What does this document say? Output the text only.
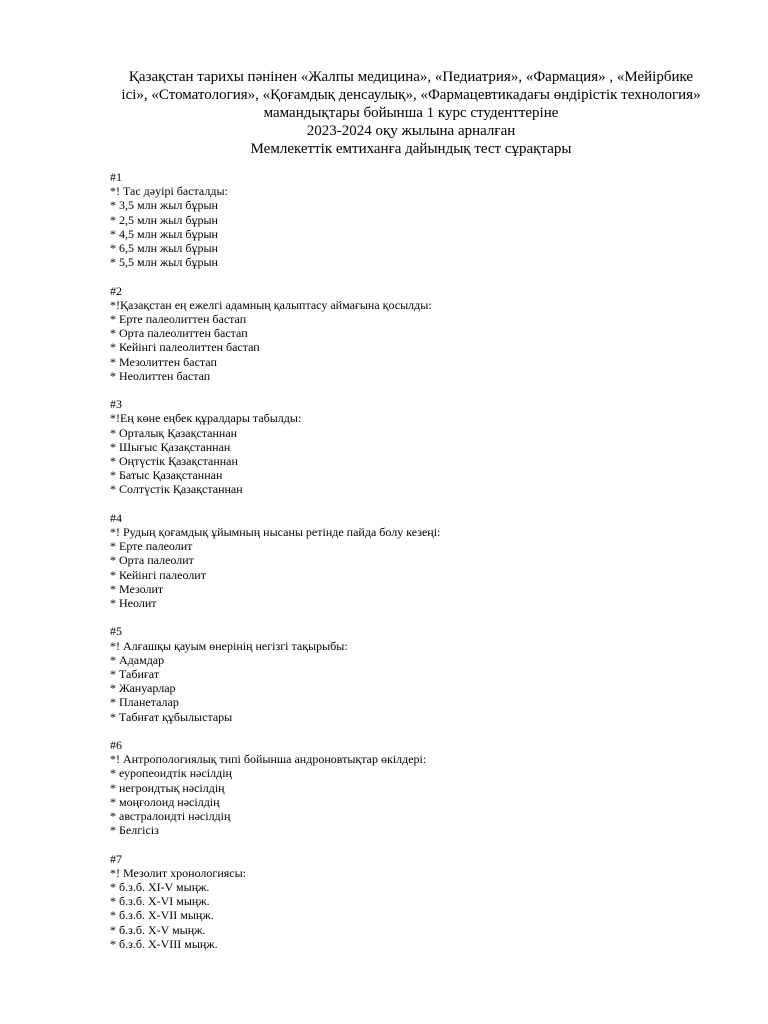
Қазақстан тарихы пәнінен «Жалпы медицина», «Педиатрия», «Фармация» , «Мейірбике
ісі», «Стоматология», «Қоғамдық денсаулық», «Фармацевтикадағы өндірістік технология»
мамандықтары бойынша 1 курс студенттеріне
2023-2024 оқу жылына арналған
Мемлекеттік емтиханға дайындық тест сұрақтары
#1
*! Тас дәуірі басталды:
* 3,5 млн жыл бұрын
* 2,5 млн жыл бұрын
* 4,5 млн жыл бұрын
* 6,5 млн жыл бұрын
* 5,5 млн жыл бұрын
#2
*!Қазақстан ең ежелгі адамның қалыптасу аймағына қосылды:
* Ерте палеолиттен бастап
* Орта палеолиттен бастап
* Кейінгі палеолиттен бастап
* Мезолиттен бастап
* Неолиттен бастап
#3
*!Ең көне еңбек құралдары табылды:
* Орталық Қазақстаннан
* Шығыс Қазақстаннан
* Оңтүстік Қазақстаннан
* Батыс Қазақстаннан
* Солтүстік Қазақстаннан
#4
*! Рудың қоғамдық ұйымның нысаны ретінде пайда болу кезеңі:
* Ерте палеолит
* Орта палеолит
* Кейінгі палеолит
* Мезолит
* Неолит
#5
*! Алғашқы қауым өнерінің негізгі тақырыбы:
* Адамдар
* Табиғат
* Жануарлар
* Планеталар
* Табиғат құбылыстары
#6
*! Антропологиялық типі бойынша андроновтықтар өкілдері:
* еуропеоидтік нәсілдің
* негроидтық нәсілдің
* моңғолоид нәсілдің
* австралоидті нәсілдің
* Белгісіз
#7
*! Мезолит хронологиясы:
* б.з.б. XI-V мыңж.
* б.з.б. X-VI мыңж.
* б.з.б. X-VII мыңж.
* б.з.б. X-V мыңж.
* б.з.б. X-VIII мыңж.
